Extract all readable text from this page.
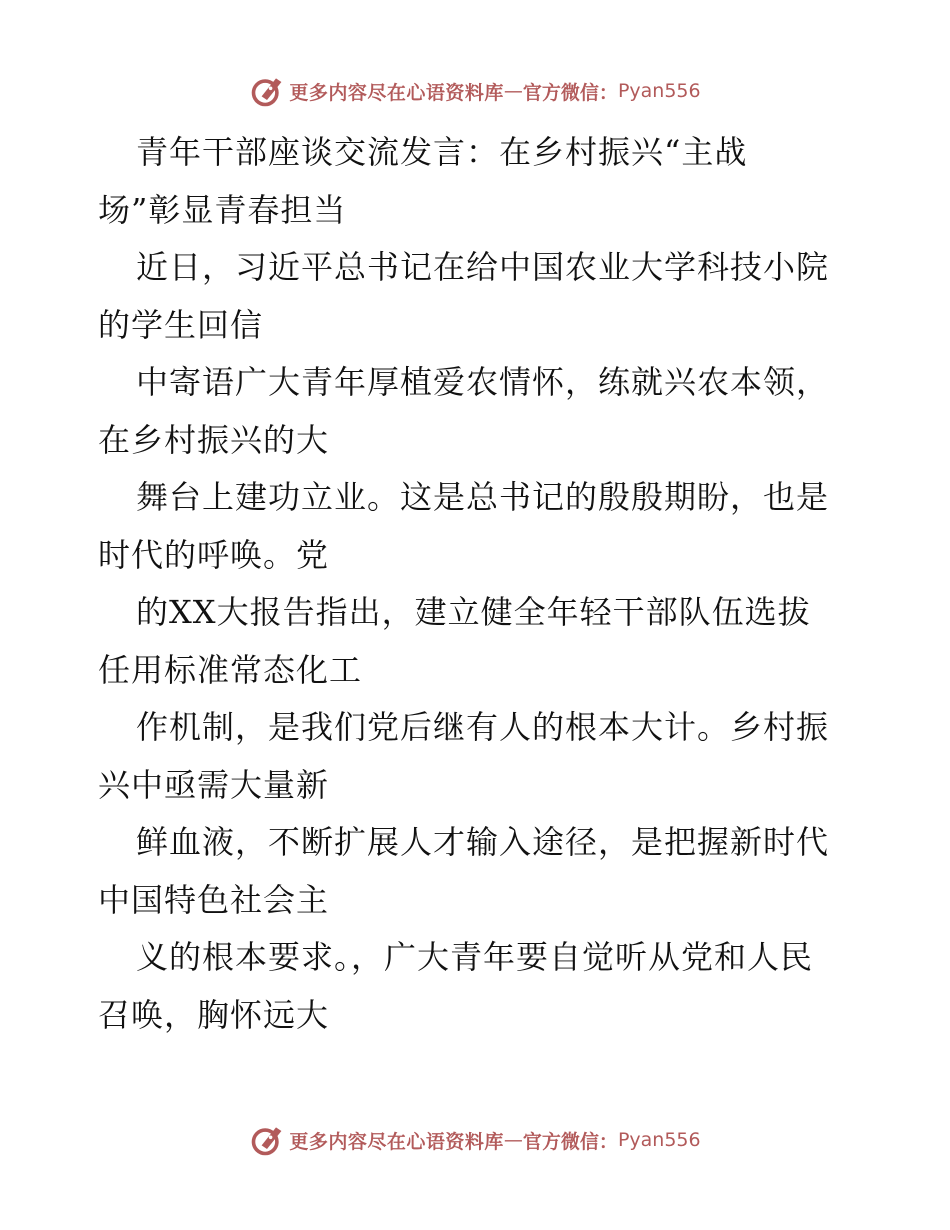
更多内容尽在心语资料库 — 官方微信： Pyan556
青年干部座谈交流发言：在乡村振兴“主战
场”彰显青春担当
近日，习近平总书记在给中国农业大学科技小院
的学生回信
中寄语广大青年厚植爱农情怀，练就兴农本领，
在乡村振兴的大
舞台上建功立业。这是总书记的殷殷期盼，也是
时代的呼唤。党
的XX大报告指出，建立健全年轻干部队伍选拔
任用标准常态化工
作机制，是我们党后继有人的根本大计。乡村振
兴中亟需大量新
鲜血液，不断扩展人才输入途径，是把握新时代
中国特色社会主
义的根本要求。，广大青年要自觉听从党和人民
召唤，胸怀远大
更多内容尽在心语资料库 — 官方微信： Pyan556
